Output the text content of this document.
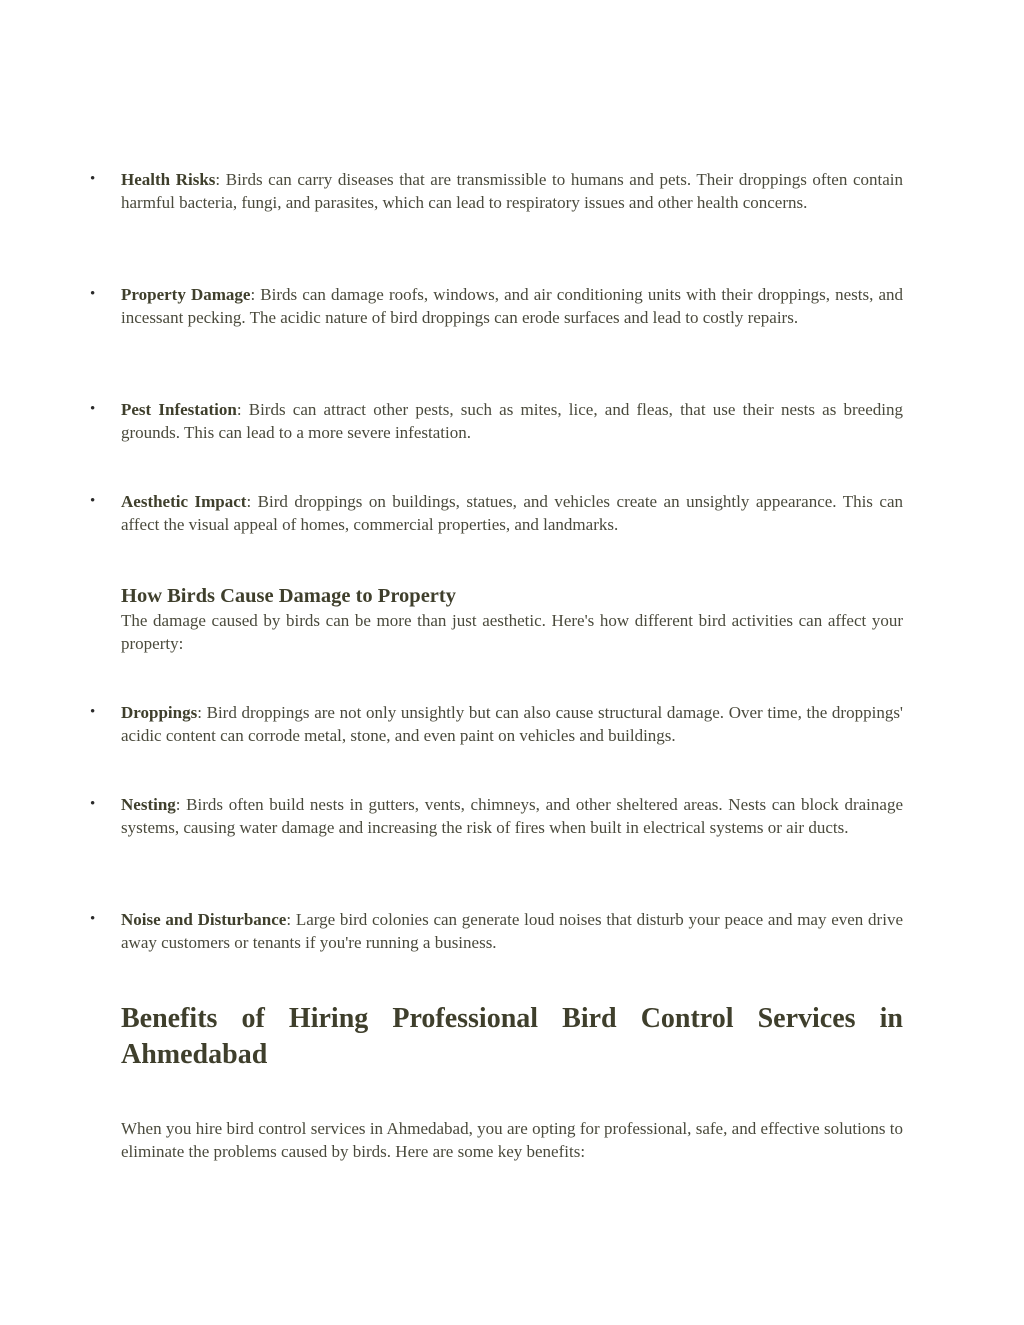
• Health Risks: Birds can carry diseases that are transmissible to humans and pets. Their droppings often contain harmful bacteria, fungi, and parasites, which can lead to respiratory issues and other health concerns.
• Property Damage: Birds can damage roofs, windows, and air conditioning units with their droppings, nests, and incessant pecking. The acidic nature of bird droppings can erode surfaces and lead to costly repairs.
• Pest Infestation: Birds can attract other pests, such as mites, lice, and fleas, that use their nests as breeding grounds. This can lead to a more severe infestation.
• Aesthetic Impact: Bird droppings on buildings, statues, and vehicles create an unsightly appearance. This can affect the visual appeal of homes, commercial properties, and landmarks.
How Birds Cause Damage to Property
The damage caused by birds can be more than just aesthetic. Here's how different bird activities can affect your property:
• Droppings: Bird droppings are not only unsightly but can also cause structural damage. Over time, the droppings' acidic content can corrode metal, stone, and even paint on vehicles and buildings.
• Nesting: Birds often build nests in gutters, vents, chimneys, and other sheltered areas. Nests can block drainage systems, causing water damage and increasing the risk of fires when built in electrical systems or air ducts.
• Noise and Disturbance: Large bird colonies can generate loud noises that disturb your peace and may even drive away customers or tenants if you're running a business.
Benefits of Hiring Professional Bird Control Services in Ahmedabad
When you hire bird control services in Ahmedabad, you are opting for professional, safe, and effective solutions to eliminate the problems caused by birds. Here are some key benefits:
